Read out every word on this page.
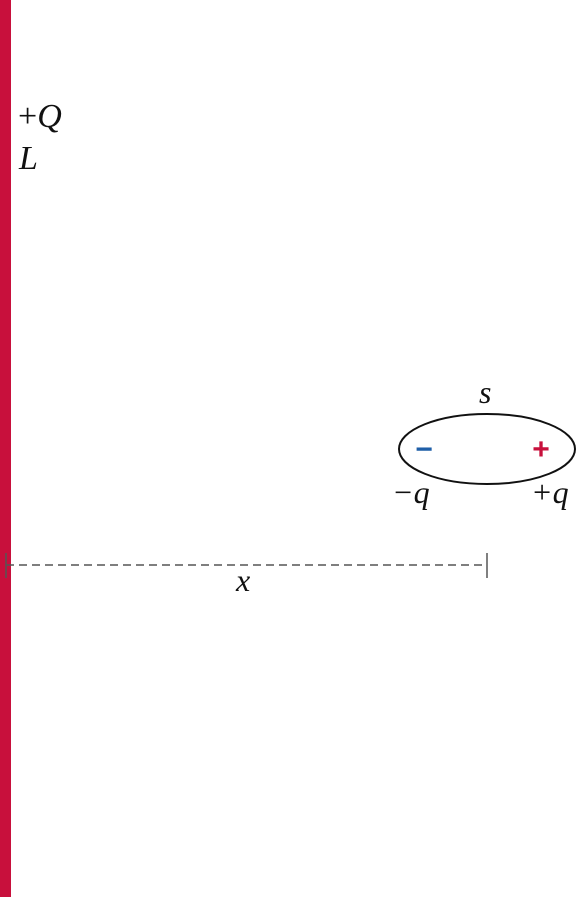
+Q
L
s
−	+
−q	+q
x
